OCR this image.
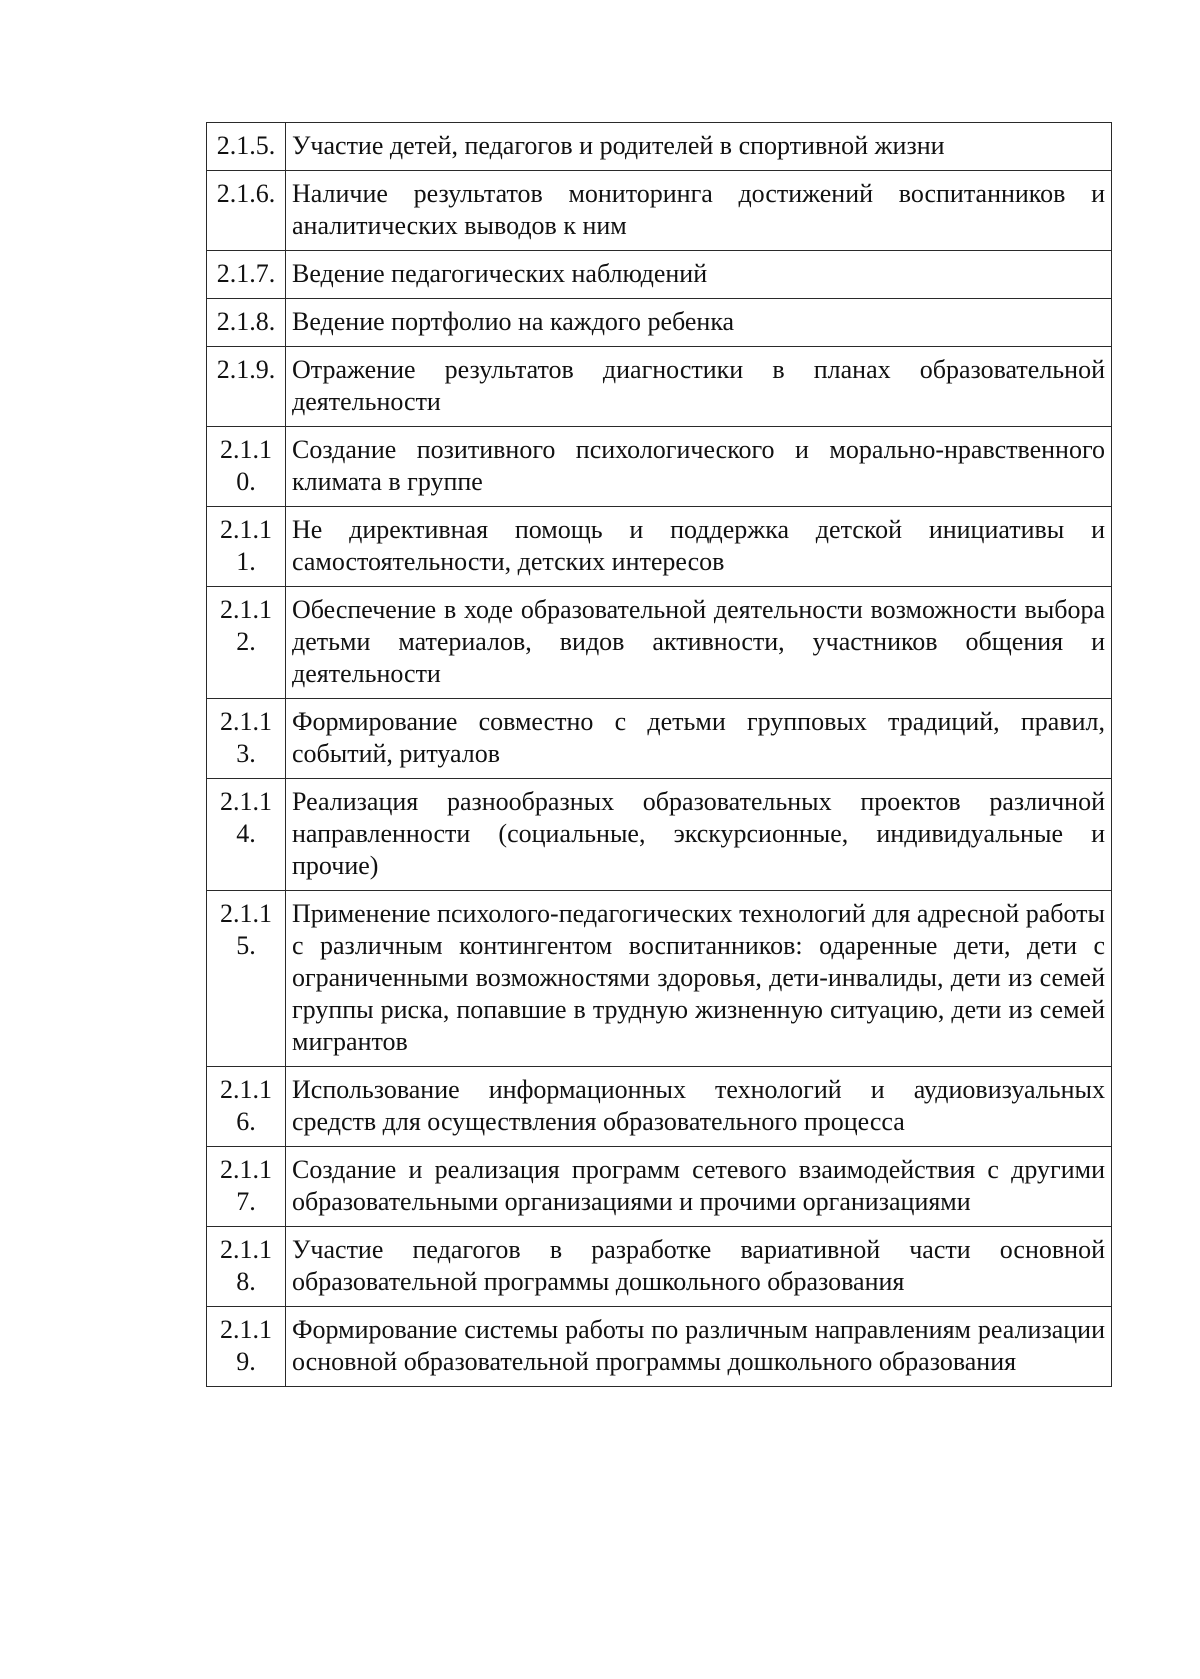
2.1.5.	Участие детей, педагогов и родителей в спортивной жизни

2.1.6.	Наличие результатов мониторинга достижений воспитанников и аналитических выводов к ним

2.1.7.	Ведение педагогических наблюдений

2.1.8.	Ведение портфолио на каждого ребенка

2.1.9.	Отражение результатов диагностики в планах образовательной деятельности

2.1.10.	Создание позитивного психологического и морально-нравственного климата в группе

2.1.11.	Не директивная помощь и поддержка детской инициативы и самостоятельности, детских интересов

2.1.12.	Обеспечение в ходе образовательной деятельности возможности выбора детьми материалов, видов активности, участников общения и деятельности

2.1.13.	Формирование совместно с детьми групповых традиций, правил, событий, ритуалов

2.1.14.	Реализация разнообразных образовательных проектов различной направленности (социальные, экскурсионные, индивидуальные и прочие)

2.1.15.	Применение психолого-педагогических технологий для адресной работы с различным контингентом воспитанников: одаренные дети, дети с ограниченными возможностями здоровья, дети-инвалиды, дети из семей группы риска, попавшие в трудную жизненную ситуацию, дети из семей мигрантов

2.1.16.	Использование информационных технологий и аудиовизуальных средств для осуществления образовательного процесса

2.1.17.	Создание и реализация программ сетевого взаимодействия с другими образовательными организациями и прочими организациями

2.1.18.	Участие педагогов в разработке вариативной части основной образовательной программы дошкольного образования

2.1.19.	Формирование системы работы по различным направлениям реализации основной образовательной программы дошкольного образования
